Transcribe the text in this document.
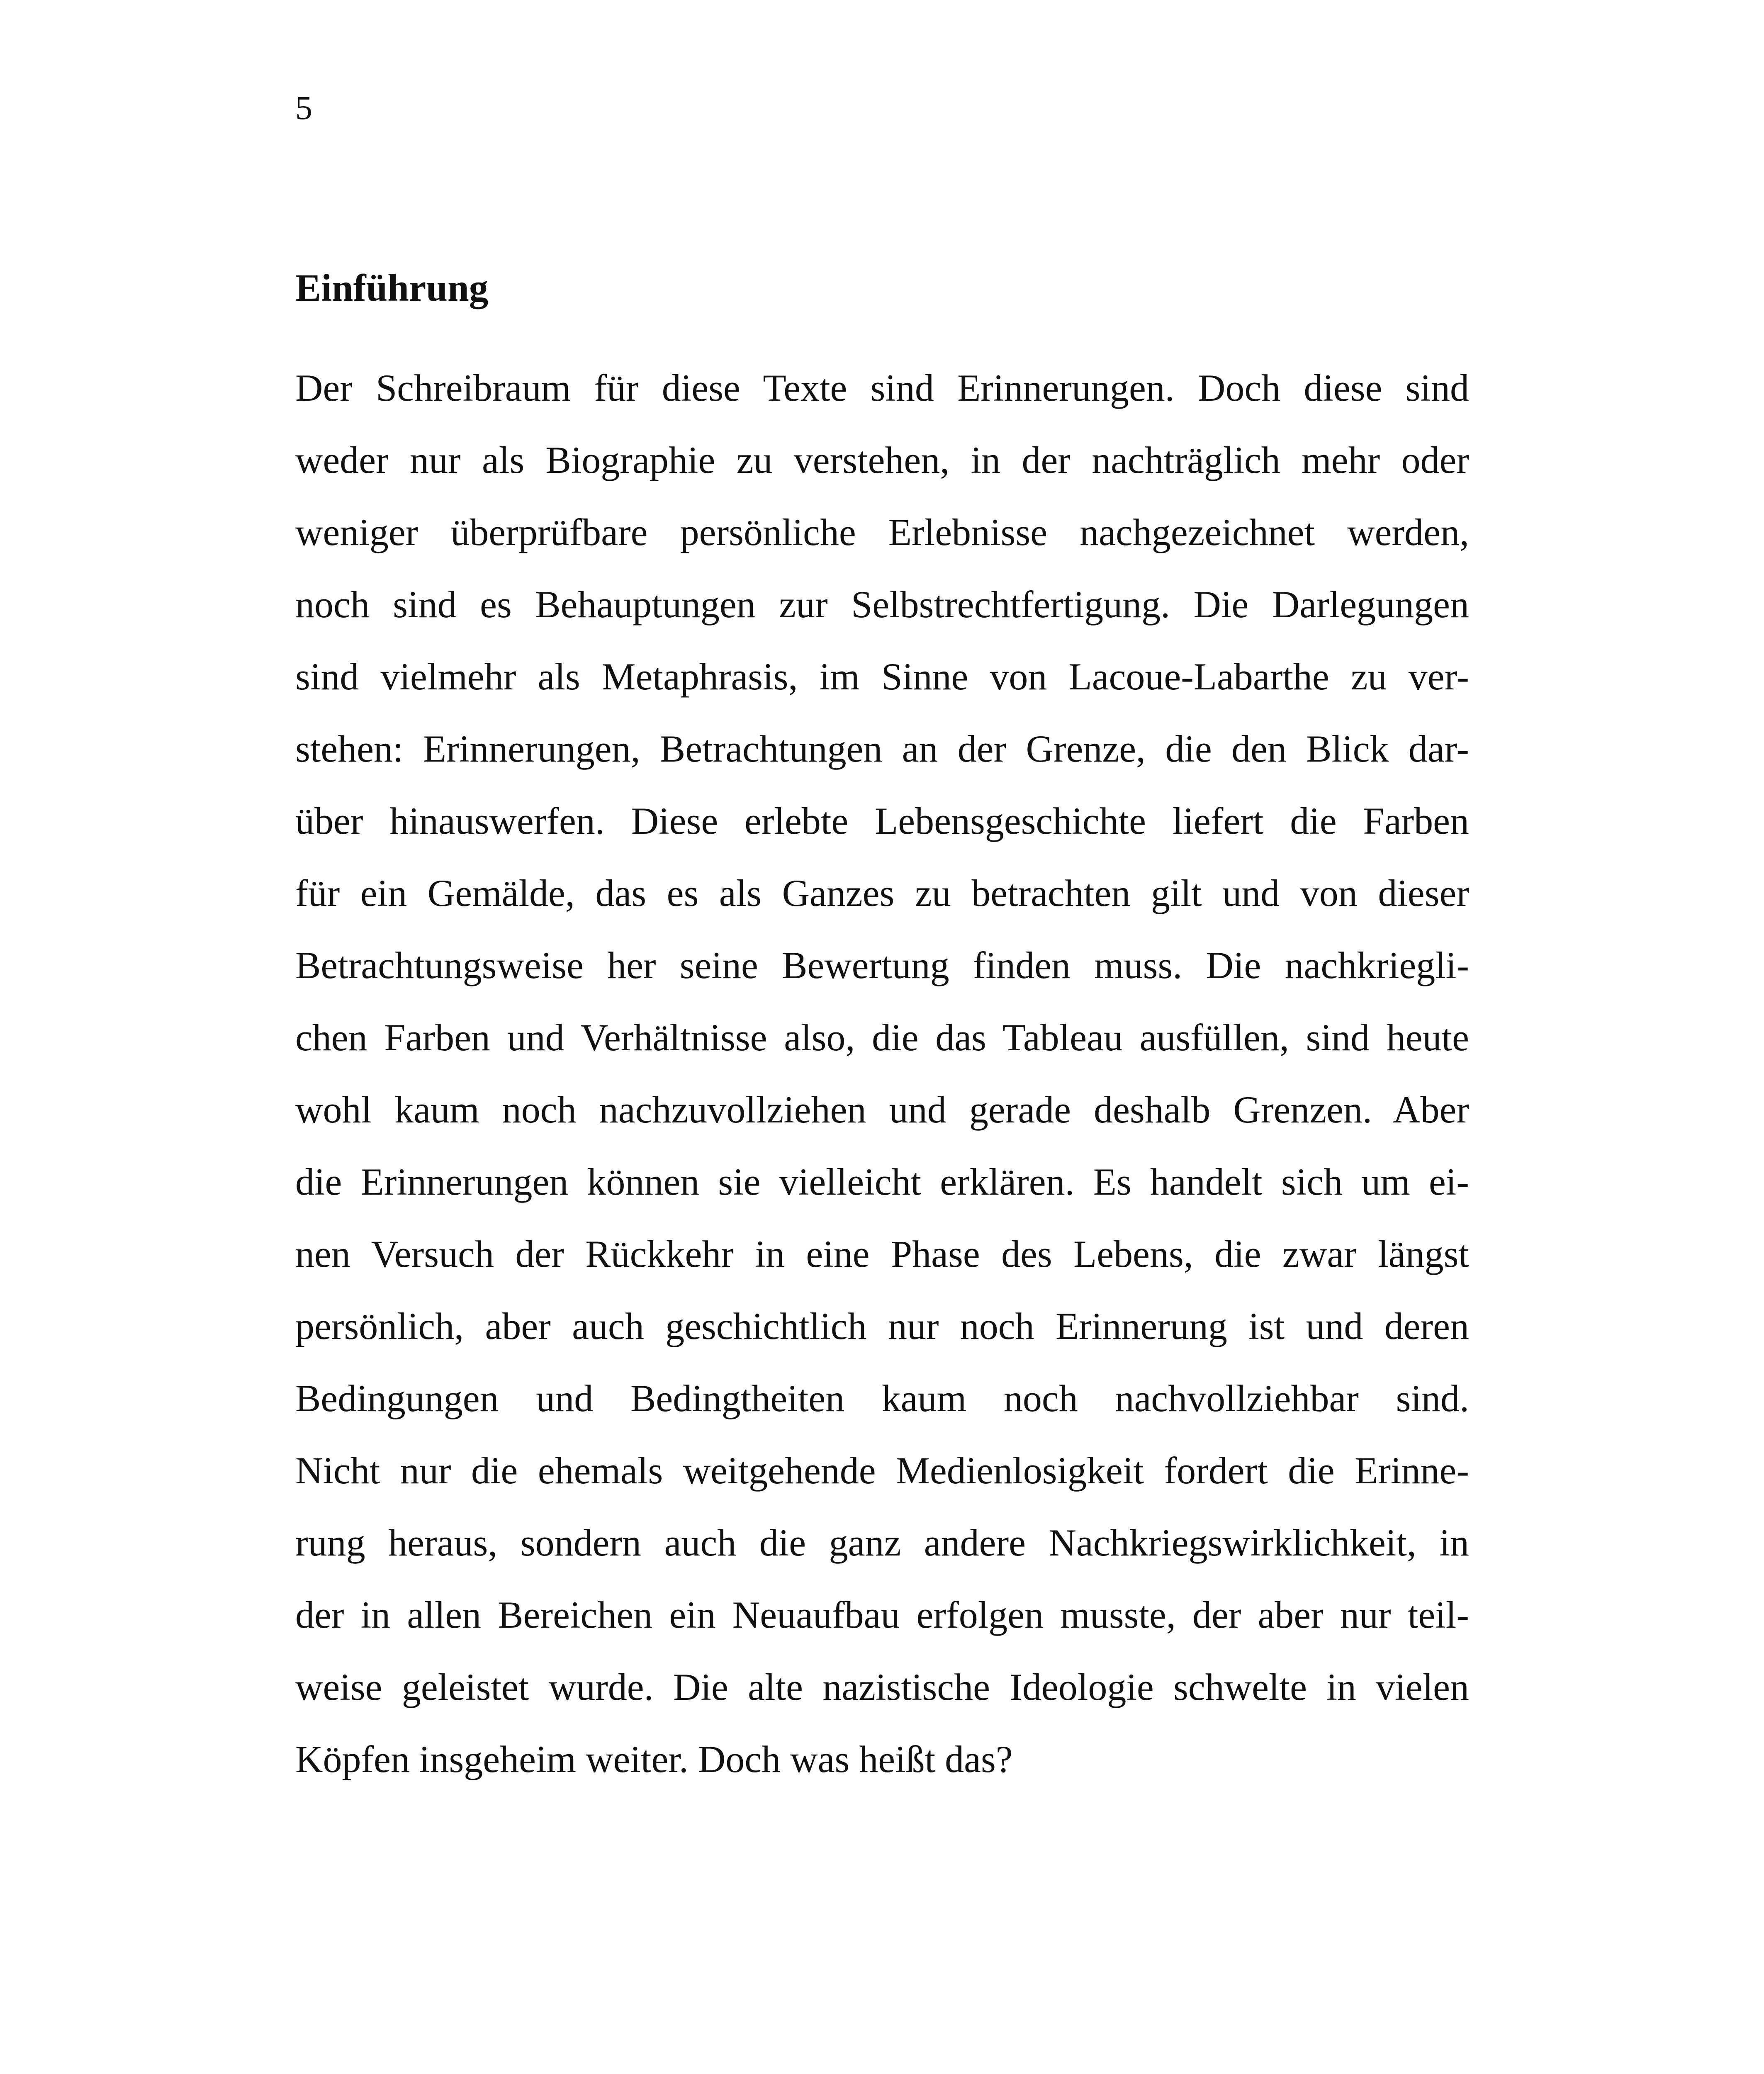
5

Einführung
Der Schreibraum für diese Texte sind Erinnerungen. Doch diese sind
weder nur als Biographie zu verstehen, in der nachträglich mehr oder
weniger überprüfbare persönliche Erlebnisse nachgezeichnet werden,
noch sind es Behauptungen zur Selbstrechtfertigung. Die Darlegungen
sind vielmehr als Metaphrasis, im Sinne von Lacoue-Labarthe zu ver-
stehen: Erinnerungen, Betrachtungen an der Grenze, die den Blick dar-
über hinauswerfen. Diese erlebte Lebensgeschichte liefert die Farben
für ein Gemälde, das es als Ganzes zu betrachten gilt und von dieser
Betrachtungsweise her seine Bewertung finden muss. Die nachkriegli-
chen Farben und Verhältnisse also, die das Tableau ausfüllen, sind heute
wohl kaum noch nachzuvollziehen und gerade deshalb Grenzen. Aber
die Erinnerungen können sie vielleicht erklären. Es handelt sich um ei-
nen Versuch der Rückkehr in eine Phase des Lebens, die zwar längst
persönlich, aber auch geschichtlich nur noch Erinnerung ist und deren
Bedingungen und Bedingtheiten kaum noch nachvollziehbar sind.
Nicht nur die ehemals weitgehende Medienlosigkeit fordert die Erinne-
rung heraus, sondern auch die ganz andere Nachkriegswirklichkeit, in
der in allen Bereichen ein Neuaufbau erfolgen musste, der aber nur teil-
weise geleistet wurde. Die alte nazistische Ideologie schwelte in vielen
Köpfen insgeheim weiter. Doch was heißt das?
